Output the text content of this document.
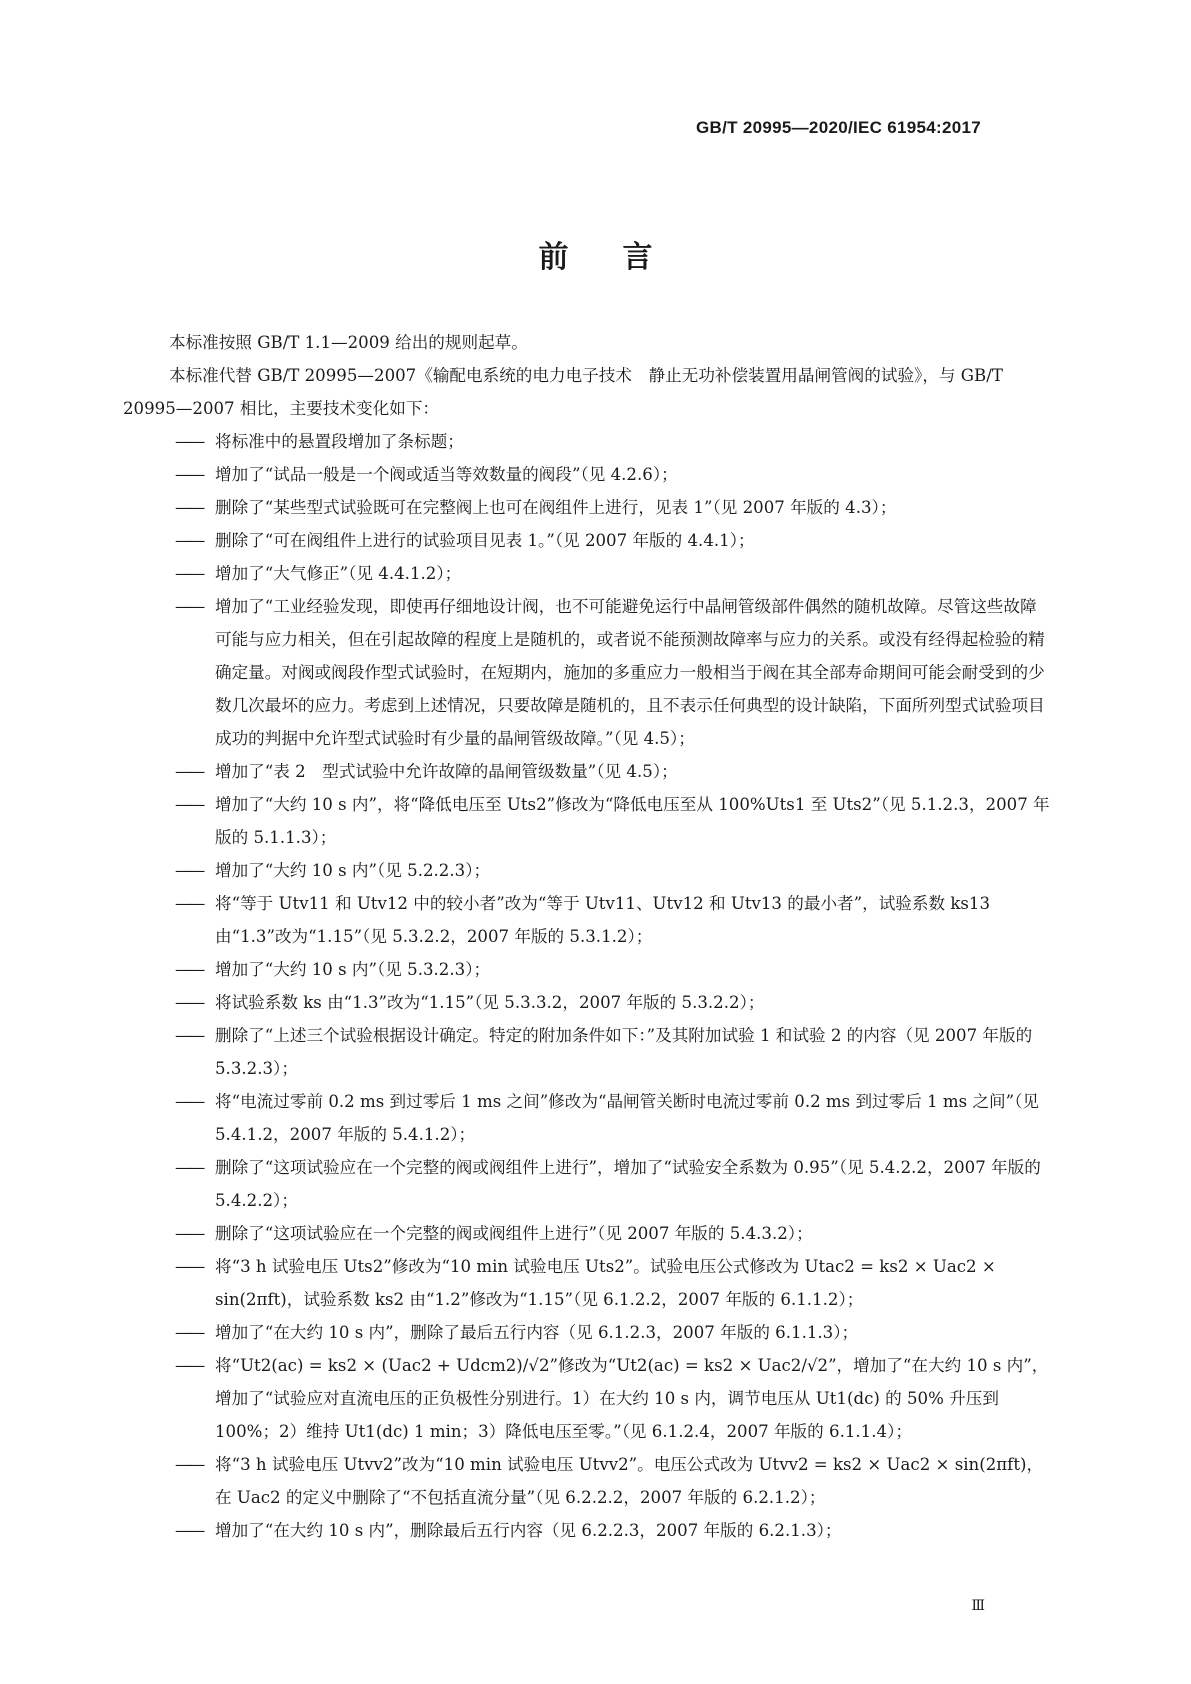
GB/T 20995—2020/IEC 61954:2017
前 言

本标准按照 GB/T 1.1—2009 给出的规则起草。

本标准代替 GB/T 20995—2007《输配电系统的电力电子技术　静止无功补偿装置用晶闸管阀的试验》，与 GB/T 20995—2007 相比，主要技术变化如下：

—— 将标准中的悬置段增加了条标题；

—— 增加了“试品一般是一个阀或适当等效数量的阀段”（见 4.2.6）；

—— 删除了“某些型式试验既可在完整阀上也可在阀组件上进行，见表 1”（见 2007 年版的 4.3）；

—— 删除了“可在阀组件上进行的试验项目见表 1。”（见 2007 年版的 4.4.1）；

—— 增加了“大气修正”（见 4.4.1.2）；

—— 增加了“工业经验发现，即使再仔细地设计阀，也不可能避免运行中晶闸管级部件偶然的随机故障。尽管这些故障可能与应力相关，但在引起故障的程度上是随机的，或者说不能预测故障率与应力的关系。或没有经得起检验的精确定量。对阀或阀段作型式试验时，在短期内，施加的多重应力一般相当于阀在其全部寿命期间可能会耐受到的少数几次最坏的应力。考虑到上述情况，只要故障是随机的，且不表示任何典型的设计缺陷，下面所列型式试验项目成功的判据中允许型式试验时有少量的晶闸管级故障。”（见 4.5）；

—— 增加了“表 2　型式试验中允许故障的晶闸管级数量”（见 4.5）；

—— 增加了“大约 10 s 内”，将“降低电压至 Uts2”修改为“降低电压至从 100%Uts1 至 Uts2”（见 5.1.2.3，2007 年版的 5.1.1.3）；

—— 增加了“大约 10 s 内”（见 5.2.2.3）；

—— 将“等于 Utv11 和 Utv12 中的较小者”改为“等于 Utv11、Utv12 和 Utv13 的最小者”，试验系数 ks13 由“1.3”改为“1.15”（见 5.3.2.2，2007 年版的 5.3.1.2）；

—— 增加了“大约 10 s 内”（见 5.3.2.3）；

—— 将试验系数 ks 由“1.3”改为“1.15”（见 5.3.3.2，2007 年版的 5.3.2.2）；

—— 删除了“上述三个试验根据设计确定。特定的附加条件如下：”及其附加试验 1 和试验 2 的内容（见 2007 年版的 5.3.2.3）；

—— 将“电流过零前 0.2 ms 到过零后 1 ms 之间”修改为“晶闸管关断时电流过零前 0.2 ms 到过零后 1 ms 之间”（见 5.4.1.2，2007 年版的 5.4.1.2）；

—— 删除了“这项试验应在一个完整的阀或阀组件上进行”，增加了“试验安全系数为 0.95”（见 5.4.2.2，2007 年版的 5.4.2.2）；

—— 删除了“这项试验应在一个完整的阀或阀组件上进行”（见 2007 年版的 5.4.3.2）；

—— 将“3 h 试验电压 Uts2”修改为“10 min 试验电压 Uts2”。试验电压公式修改为 Utac2 = ks2 × Uac2 × sin(2πft)，试验系数 ks2 由“1.2”修改为“1.15”（见 6.1.2.2，2007 年版的 6.1.1.2）；

—— 增加了“在大约 10 s 内”，删除了最后五行内容（见 6.1.2.3，2007 年版的 6.1.1.3）；

—— 将“Ut2(ac) = ks2 × (Uac2 + Udcm2)/√2”修改为“Ut2(ac) = ks2 × Uac2/√2”，增加了“在大约 10 s 内”，增加了“试验应对直流电压的正负极性分别进行。1）在大约 10 s 内，调节电压从 Ut1(dc) 的 50% 升压到 100%；2）维持 Ut1(dc) 1 min；3）降低电压至零。”（见 6.1.2.4，2007 年版的 6.1.1.4）；

—— 将“3 h 试验电压 Utvv2”改为“10 min 试验电压 Utvv2”。电压公式改为 Utvv2 = ks2 × Uac2 × sin(2πft)，在 Uac2 的定义中删除了“不包括直流分量”（见 6.2.2.2，2007 年版的 6.2.1.2）；

—— 增加了“在大约 10 s 内”，删除最后五行内容（见 6.2.2.3，2007 年版的 6.2.1.3）；

Ⅲ
